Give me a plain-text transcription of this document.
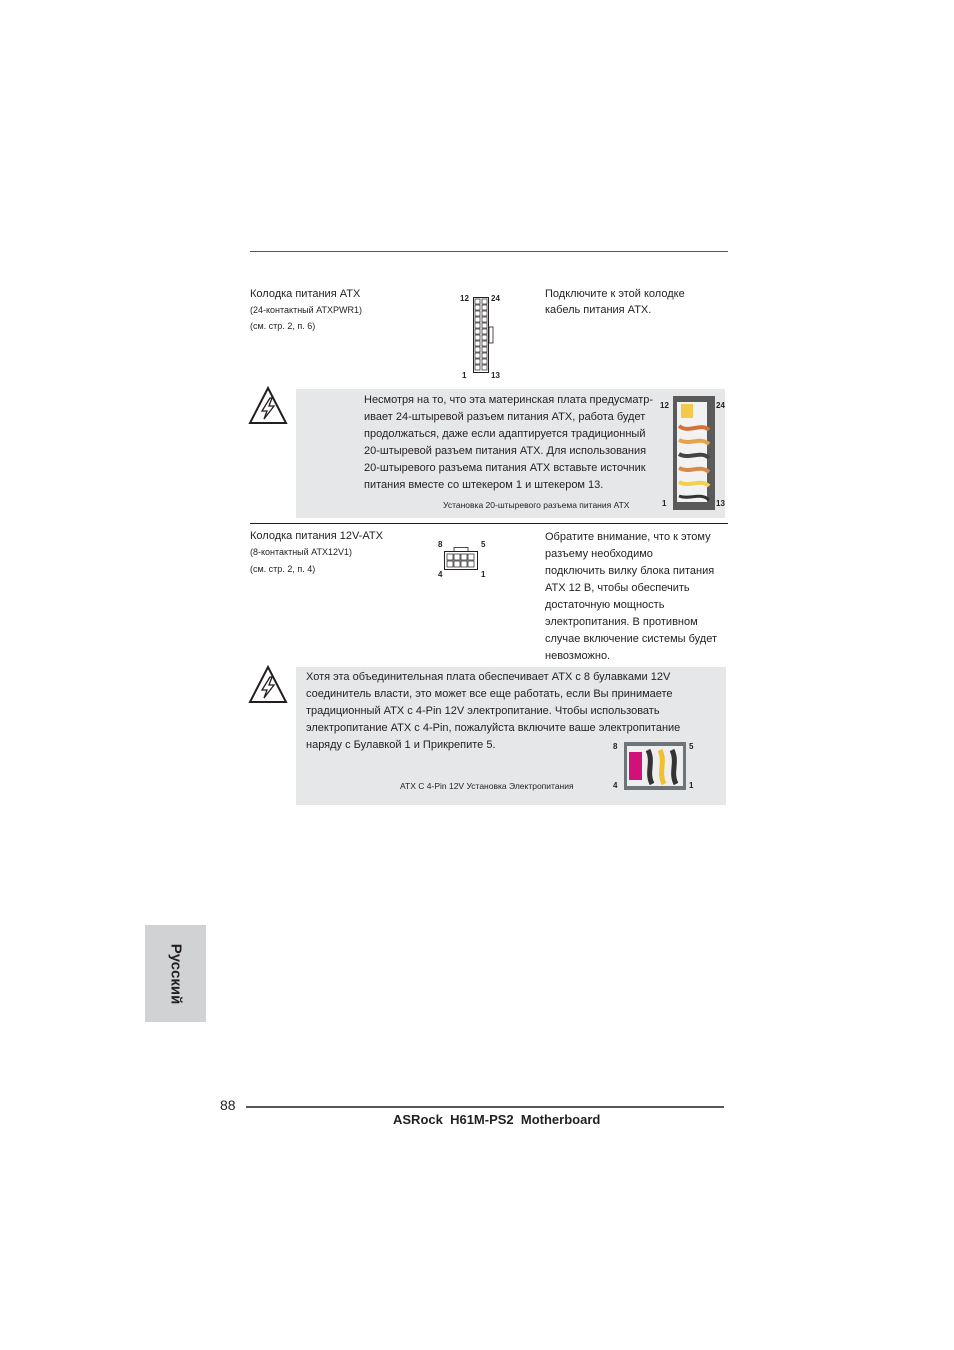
Колодка питания ATX
(24-контактный ATXPWR1)
(см. стр. 2, п. 6)
12	24
1	13
Подключите к этой колодке
кабель питания ATX.
Несмотря на то, что эта материнская плата предусматр-
ивает 24-штыревой разъем питания ATX, работа будет
продолжаться, даже если адаптируется традиционный
20-штыревой разъем питания ATX. Для использования
20-штыревого разъема питания ATX вставьте источник
питания вместе со штекером 1 и штекером 13.
Установка 20-штыревого разъема питания ATX
12	24
1	13
Колодка питания 12V-ATX
(8-контактный ATX12V1)
(см. стр. 2, п. 4)
8	5
4	1
Обратите внимание, что к этому
разъему необходимо
подключить вилку блока питания
ATX 12 В, чтобы обеспечить
достаточную мощность
электропитания. В противном
случае включение системы будет
невозможно.
Хотя эта объединительная плата обеспечивает ATX с 8 булавками 12V
соединитель власти, это может все еще работать, если Вы принимаете
традиционный ATX с 4-Pin 12V электропитание. Чтобы использовать
электропитание ATX с 4-Pin, пожалуйста включите ваше электропитание
наряду с Булавкой 1 и Прикрепите 5.
ATX С 4-Pin 12V Установка Электропитания
8	5
4	1
Русский
88
ASRock  H61M-PS2  Motherboard
